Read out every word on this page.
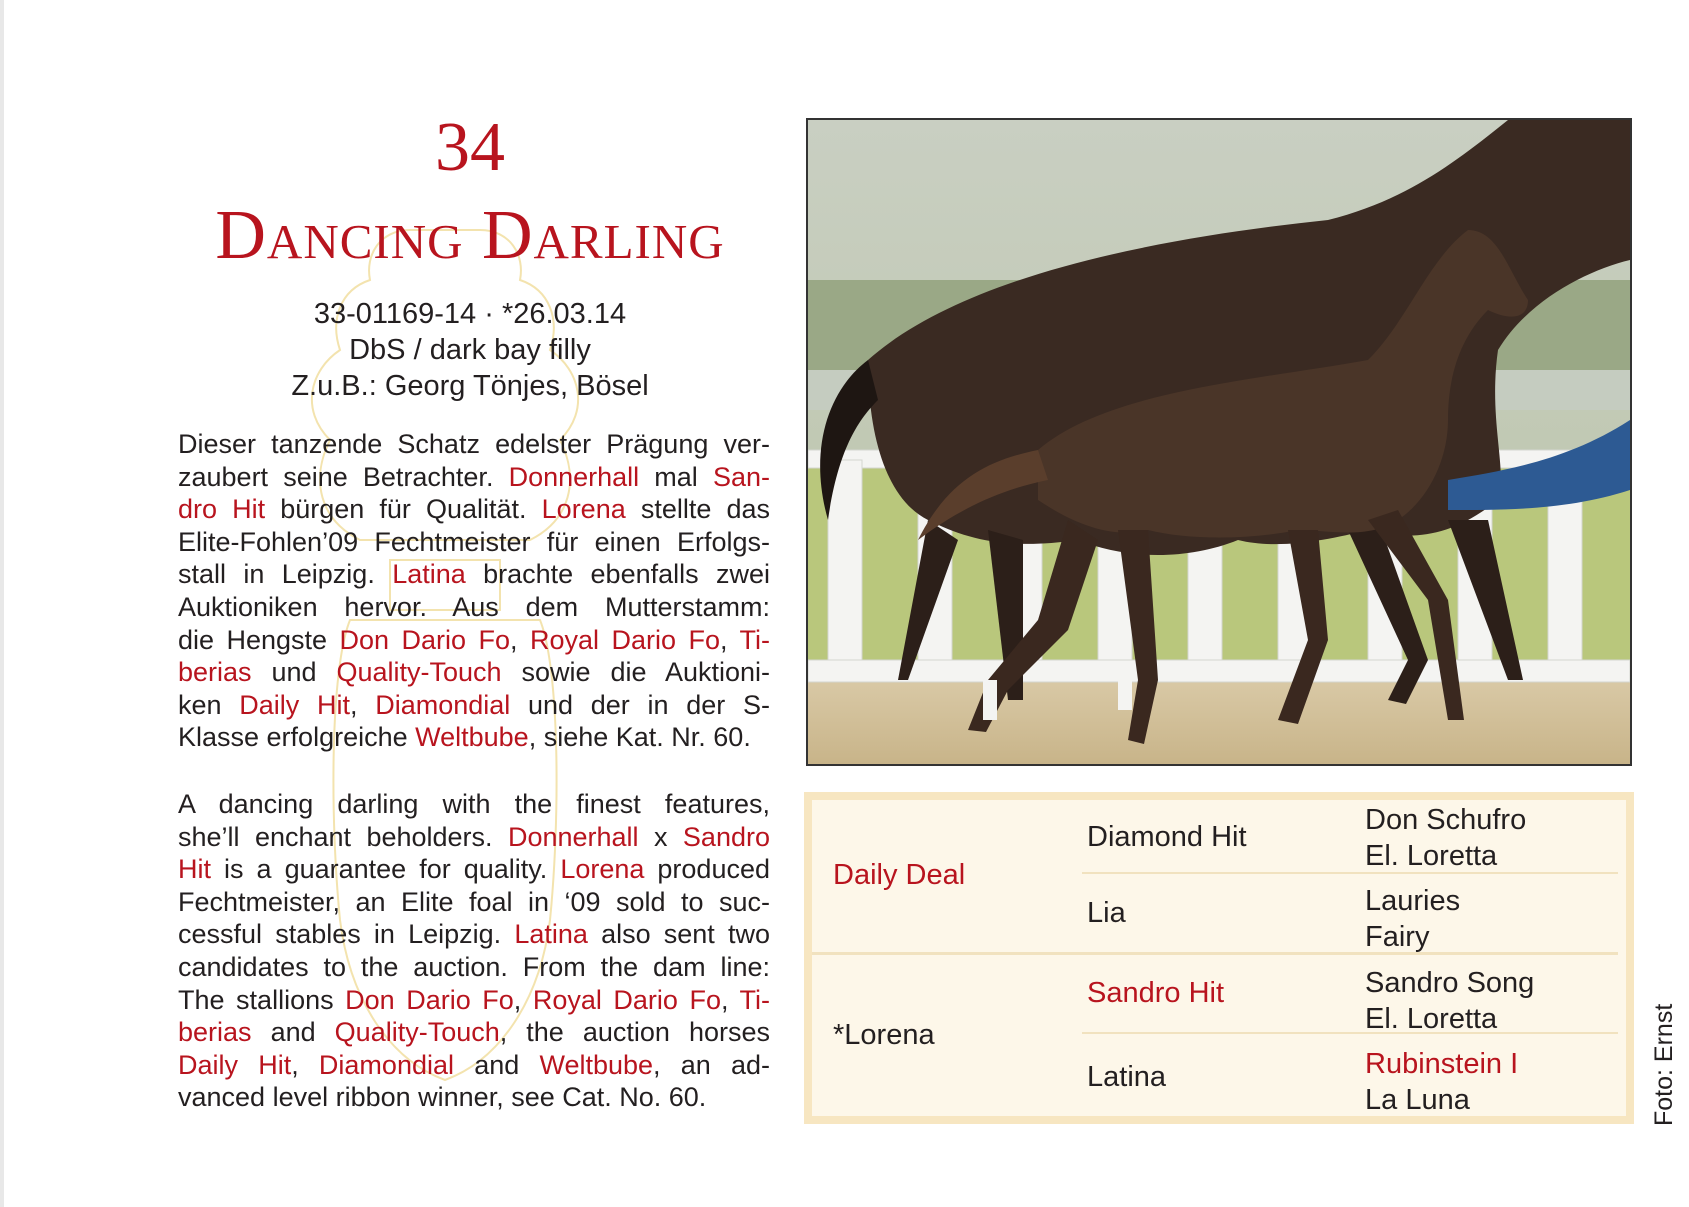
34
Dancing Darling
33-01169-14 · *26.03.14
DbS / dark bay filly
Z.u.B.: Georg Tönjes, Bösel
Dieser tanzende Schatz edelster Prägung ver-
zaubert seine Betrachter. Donnerhall mal San-
dro Hit bürgen für Qualität. Lorena stellte das
Elite-Fohlen’09 Fechtmeister für einen Erfolgs-
stall in Leipzig. Latina brachte ebenfalls zwei
Auktioniken hervor. Aus dem Mutterstamm:
die Hengste Don Dario Fo, Royal Dario Fo, Ti-
berias und Quality-Touch sowie die Auktioni-
ken Daily Hit, Diamondial und der in der S-
Klasse erfolgreiche Weltbube, siehe Kat. Nr. 60.
A dancing darling with the finest features,
she’ll enchant beholders. Donnerhall x Sandro
Hit is a guarantee for quality. Lorena produced
Fechtmeister, an Elite foal in ‘09 sold to suc-
cessful stables in Leipzig. Latina also sent two
candidates to the auction. From the dam line:
The stallions Don Dario Fo, Royal Dario Fo, Ti-
berias and Quality-Touch, the auction horses
Daily Hit, Diamondial and Weltbube, an ad-
vanced level ribbon winner, see Cat. No. 60.
Daily Deal
*Lorena
Diamond Hit
Lia
Sandro Hit
Latina
Don Schufro
El. Loretta
Lauries
Fairy
Sandro Song
El. Loretta
Rubinstein I
La Luna	Foto: Ernst
